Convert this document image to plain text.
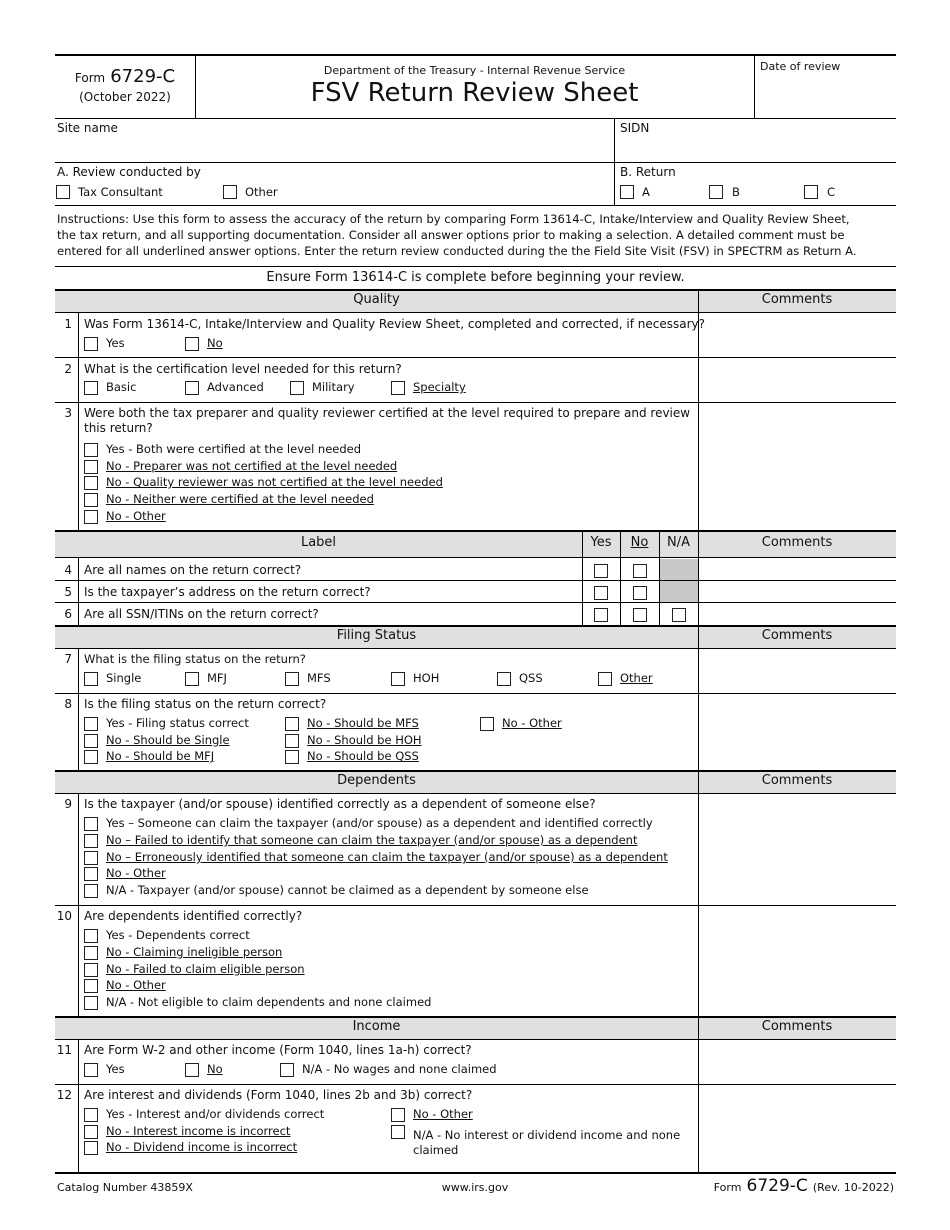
Form 6729-C
(October 2022)
Department of the Treasury - Internal Revenue Service
FSV Return Review Sheet
Date of review
Site name	SIDN
A. Review conducted by
Tax Consultant	Other
B. Return
A	B	C
Instructions: Use this form to assess the accuracy of the return by comparing Form 13614-C, Intake/Interview and Quality Review Sheet,
the tax return, and all supporting documentation. Consider all answer options prior to making a selection. A detailed comment must be
entered for all underlined answer options. Enter the return review conducted during the the Field Site Visit (FSV) in SPECTRM as Return A.
Ensure Form 13614-C is complete before beginning your review.
Quality	Comments
1 Was Form 13614-C, Intake/Interview and Quality Review Sheet, completed and corrected, if necessary?
Yes	No
2 What is the certification level needed for this return?
Basic	Advanced	Military	Specialty
3 Were both the tax preparer and quality reviewer certified at the level required to prepare and review
this return?
Yes - Both were certified at the level needed
No - Preparer was not certified at the level needed
No - Quality reviewer was not certified at the level needed
No - Neither were certified at the level needed
No - Other
Label	Yes	No	N/A	Comments
4 Are all names on the return correct?
5 Is the taxpayer’s address on the return correct?
6 Are all SSN/ITINs on the return correct?
Filing Status	Comments
7 What is the filing status on the return?
Single	MFJ	MFS	HOH	QSS	Other
8 Is the filing status on the return correct?
Yes - Filing status correct
No - Should be Single
No - Should be MFJ
No - Should be MFS
No - Should be HOH
No - Should be QSS
No - Other
Dependents	Comments
9 Is the taxpayer (and/or spouse) identified correctly as a dependent of someone else?
Yes – Someone can claim the taxpayer (and/or spouse) as a dependent and identified correctly
No – Failed to identify that someone can claim the taxpayer (and/or spouse) as a dependent
No – Erroneously identified that someone can claim the taxpayer (and/or spouse) as a dependent
No - Other
N/A - Taxpayer (and/or spouse) cannot be claimed as a dependent by someone else
10 Are dependents identified correctly?
Yes - Dependents correct
No - Claiming ineligible person
No - Failed to claim eligible person
No - Other
N/A - Not eligible to claim dependents and none claimed
Income	Comments
11 Are Form W-2 and other income (Form 1040, lines 1a-h) correct?
Yes	No	N/A - No wages and none claimed
12 Are interest and dividends (Form 1040, lines 2b and 3b) correct?
Yes - Interest and/or dividends correct
No - Interest income is incorrect
No - Dividend income is incorrect
No - Other
N/A - No interest or dividend income and none
claimed
Catalog Number 43859X	www.irs.gov	Form 6729-C (Rev. 10-2022)
